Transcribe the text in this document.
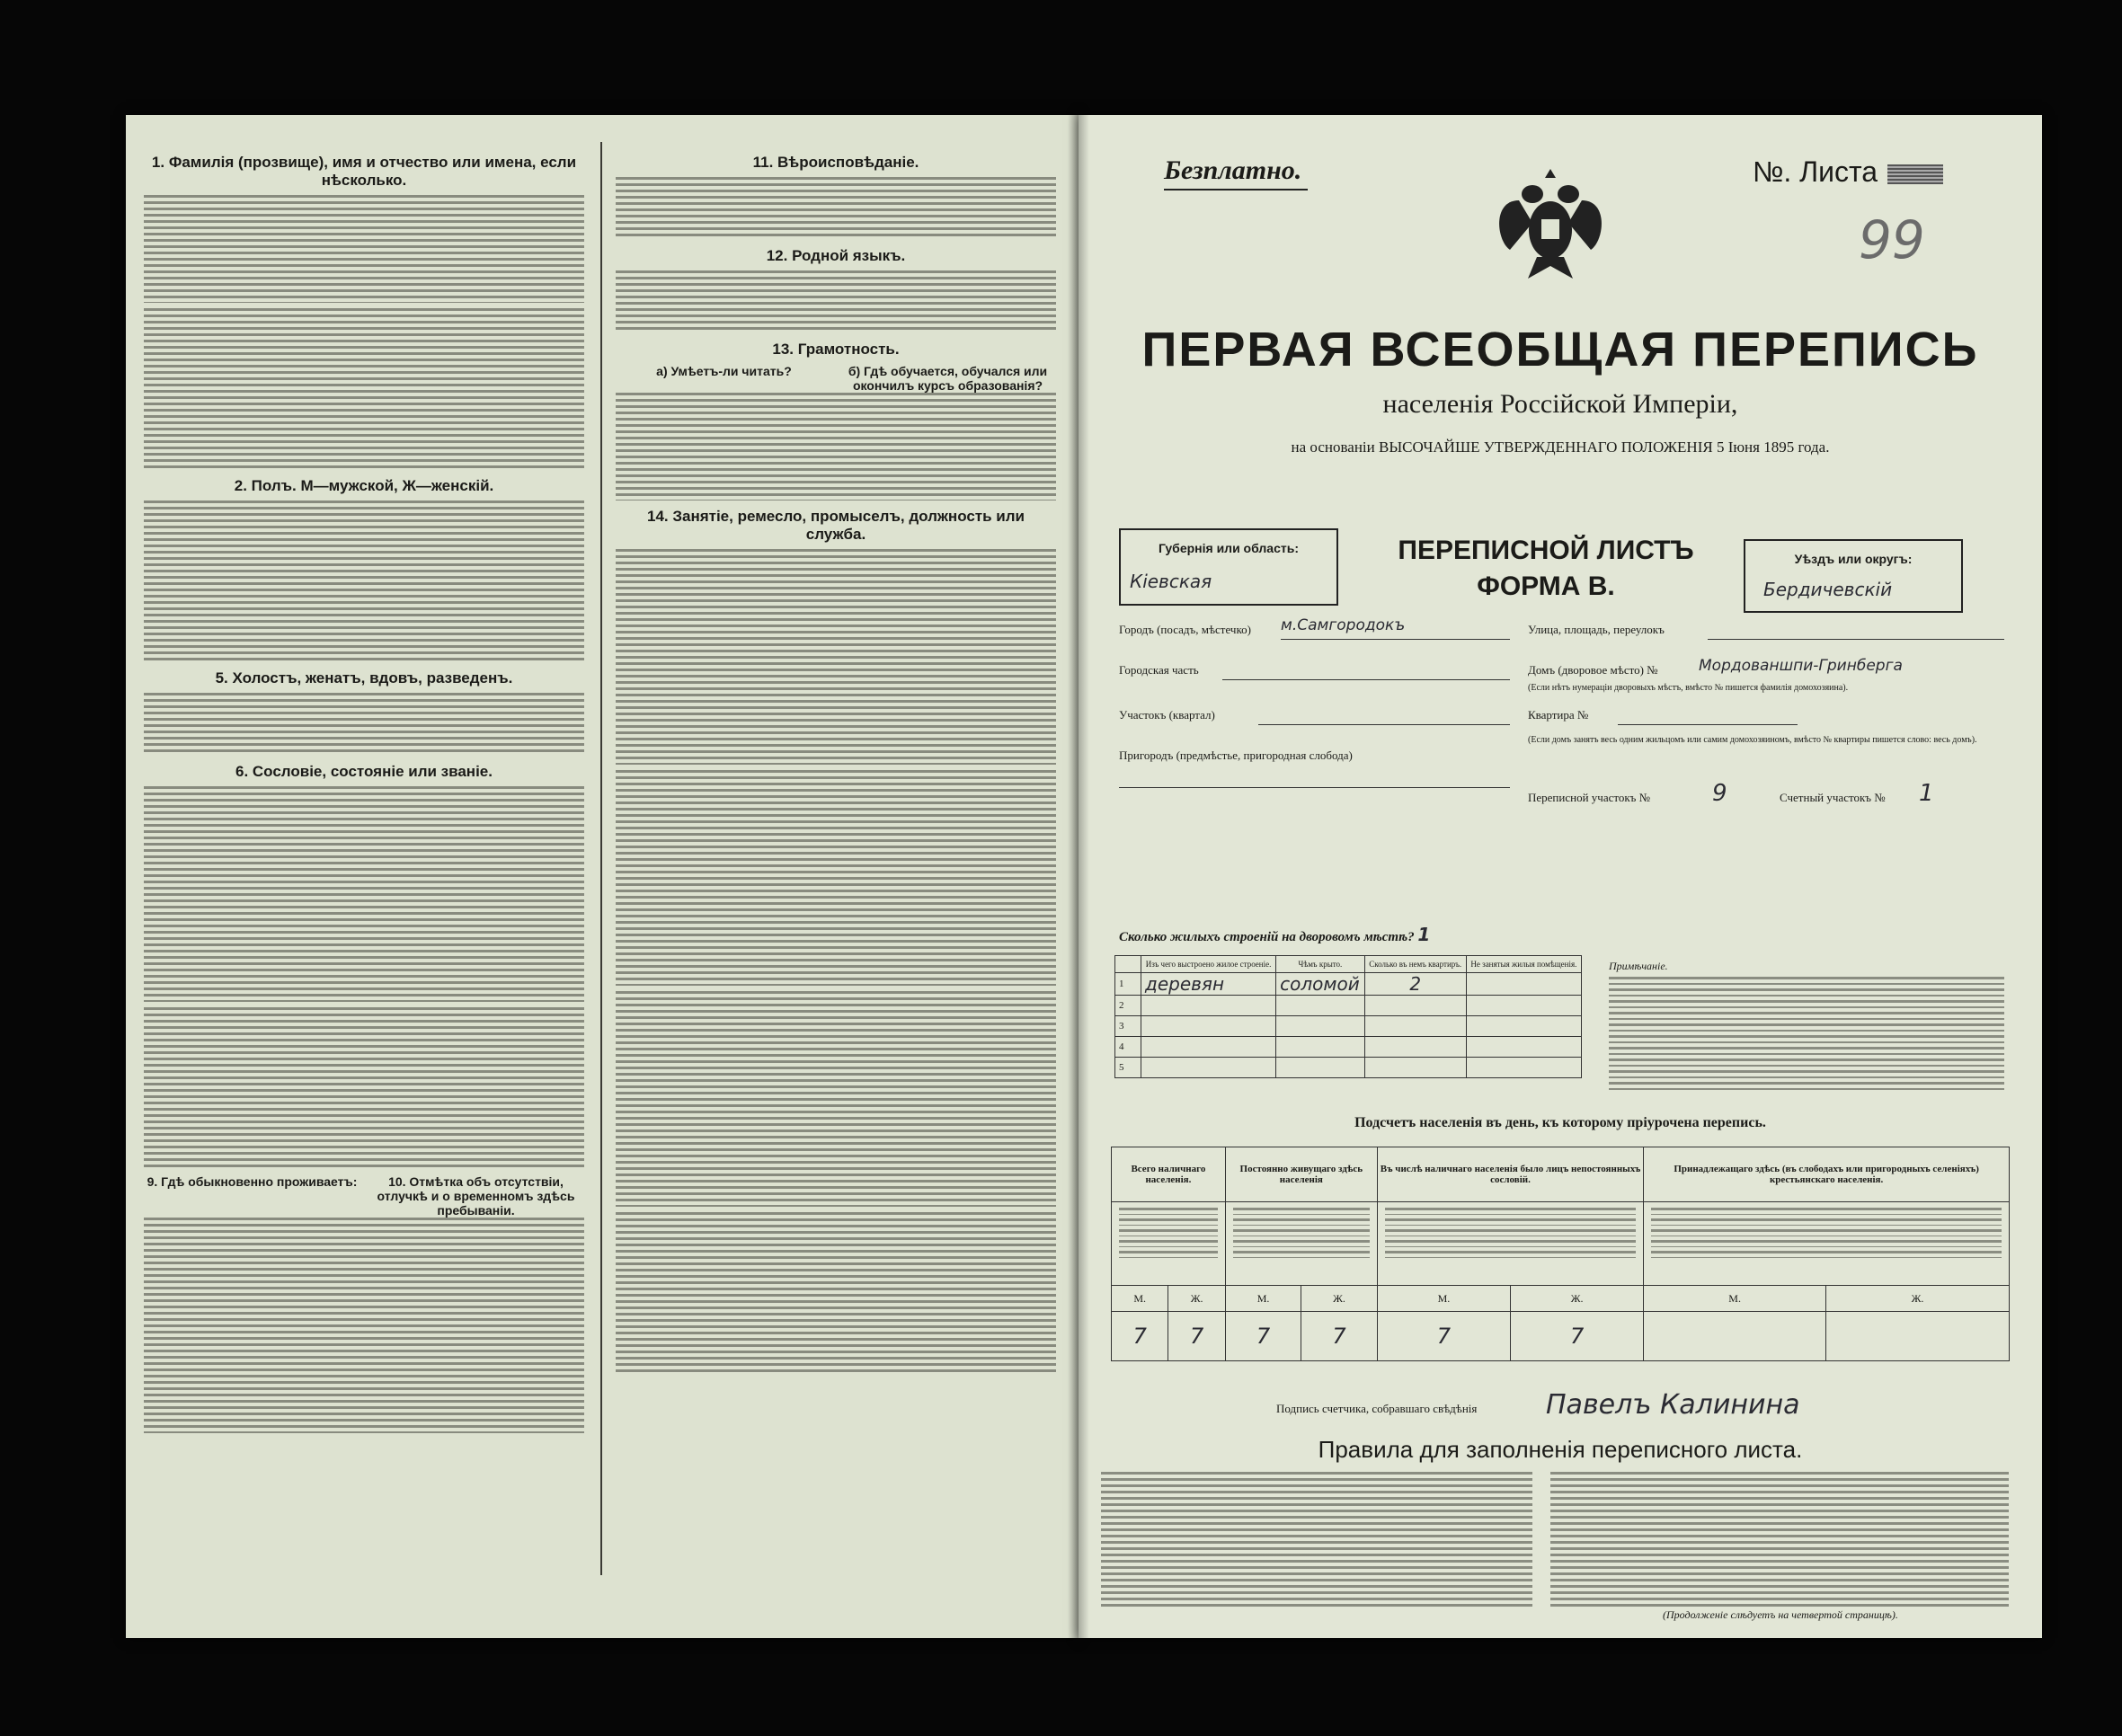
1. Фамилія (прозвище), имя и отчество или имена, если нѣсколько.
2. Полъ. М—мужской, Ж—женскій.
5. Холостъ, женатъ, вдовъ, разведенъ.
6. Сословіе, состояніе или званіе.
9. Гдѣ обыкновенно проживаетъ:	10. Отмѣтка объ отсутствіи, отлучкѣ и о временномъ здѣсь пребываніи.
11. Вѣроисповѣданіе.
12. Родной языкъ.
13. Грамотность.
а) Умѣетъ-ли читать?	б) Гдѣ обучается, обучался или окончилъ курсъ образованія?
14. Занятіе, ремесло, промыселъ, должность или служба.
Безплатно.	№. Листа
99
ПЕРВАЯ ВСЕОБЩАЯ ПЕРЕПИСЬ
населенія Россійской Имперіи,
на основаніи ВЫСОЧАЙШЕ УТВЕРЖДЕННАГО ПОЛОЖЕНІЯ 5 Іюня 1895 года.
Губернія или область:
Кіевская
ПЕРЕПИСНОЙ ЛИСТЪ
ФОРМА В.
Уѣздъ или округъ:
Бердичевскій
Городъ (посадъ, мѣстечко) м.Самгородокъ	Улица, площадь, переулокъ
Городская часть	Домъ (дворовое мѣсто) №	Мордованшпи-Гринберга
(Если нѣтъ нумераціи дворовыхъ мѣстъ, вмѣсто № пишется фамилія домохозяина).
Участокъ (квартал)	Квартира №
Пригородъ (предмѣстье, пригородная слобода)
(Если домъ занятъ весь одним жильцомъ или самим домохозяиномъ, вмѣсто № квартиры пишется слово: весь домъ).
Переписной участокъ №	9	Счетный участокъ № 1
Сколько жилыхъ строеній на дворовомъ мѣстѣ? 1
	Изъ чего выстроено жилое строеніе.	Чѣмъ крыто.	Сколько въ немъ квартиръ.	Не занятыя жилыя помѣщенія.
1	деревян	соломой	2	
2				
3				
4				
5				
Примѣчаніе.
Подсчетъ населенія въ день, къ которому пріурочена перепись.
Всего наличнаго населенія.		Постоянно живущаго здѣсь населенія		Въ числѣ наличнаго населенія было лицъ непостоянныхъ сословій.		Принадлежащаго здѣсь (въ слободахъ или пригородныхъ селеніяхъ) крестьянскаго населенія.	

М.	Ж.	М.	Ж.	М.	Ж.	М.	Ж.
7	7	7	7	7	7		
Подпись счетчика, собравшаго свѣдѣнія	Павелъ Калинина
Правила для заполненія переписного листа.
(Продолженіе слѣдуетъ на четвертой страницѣ).
